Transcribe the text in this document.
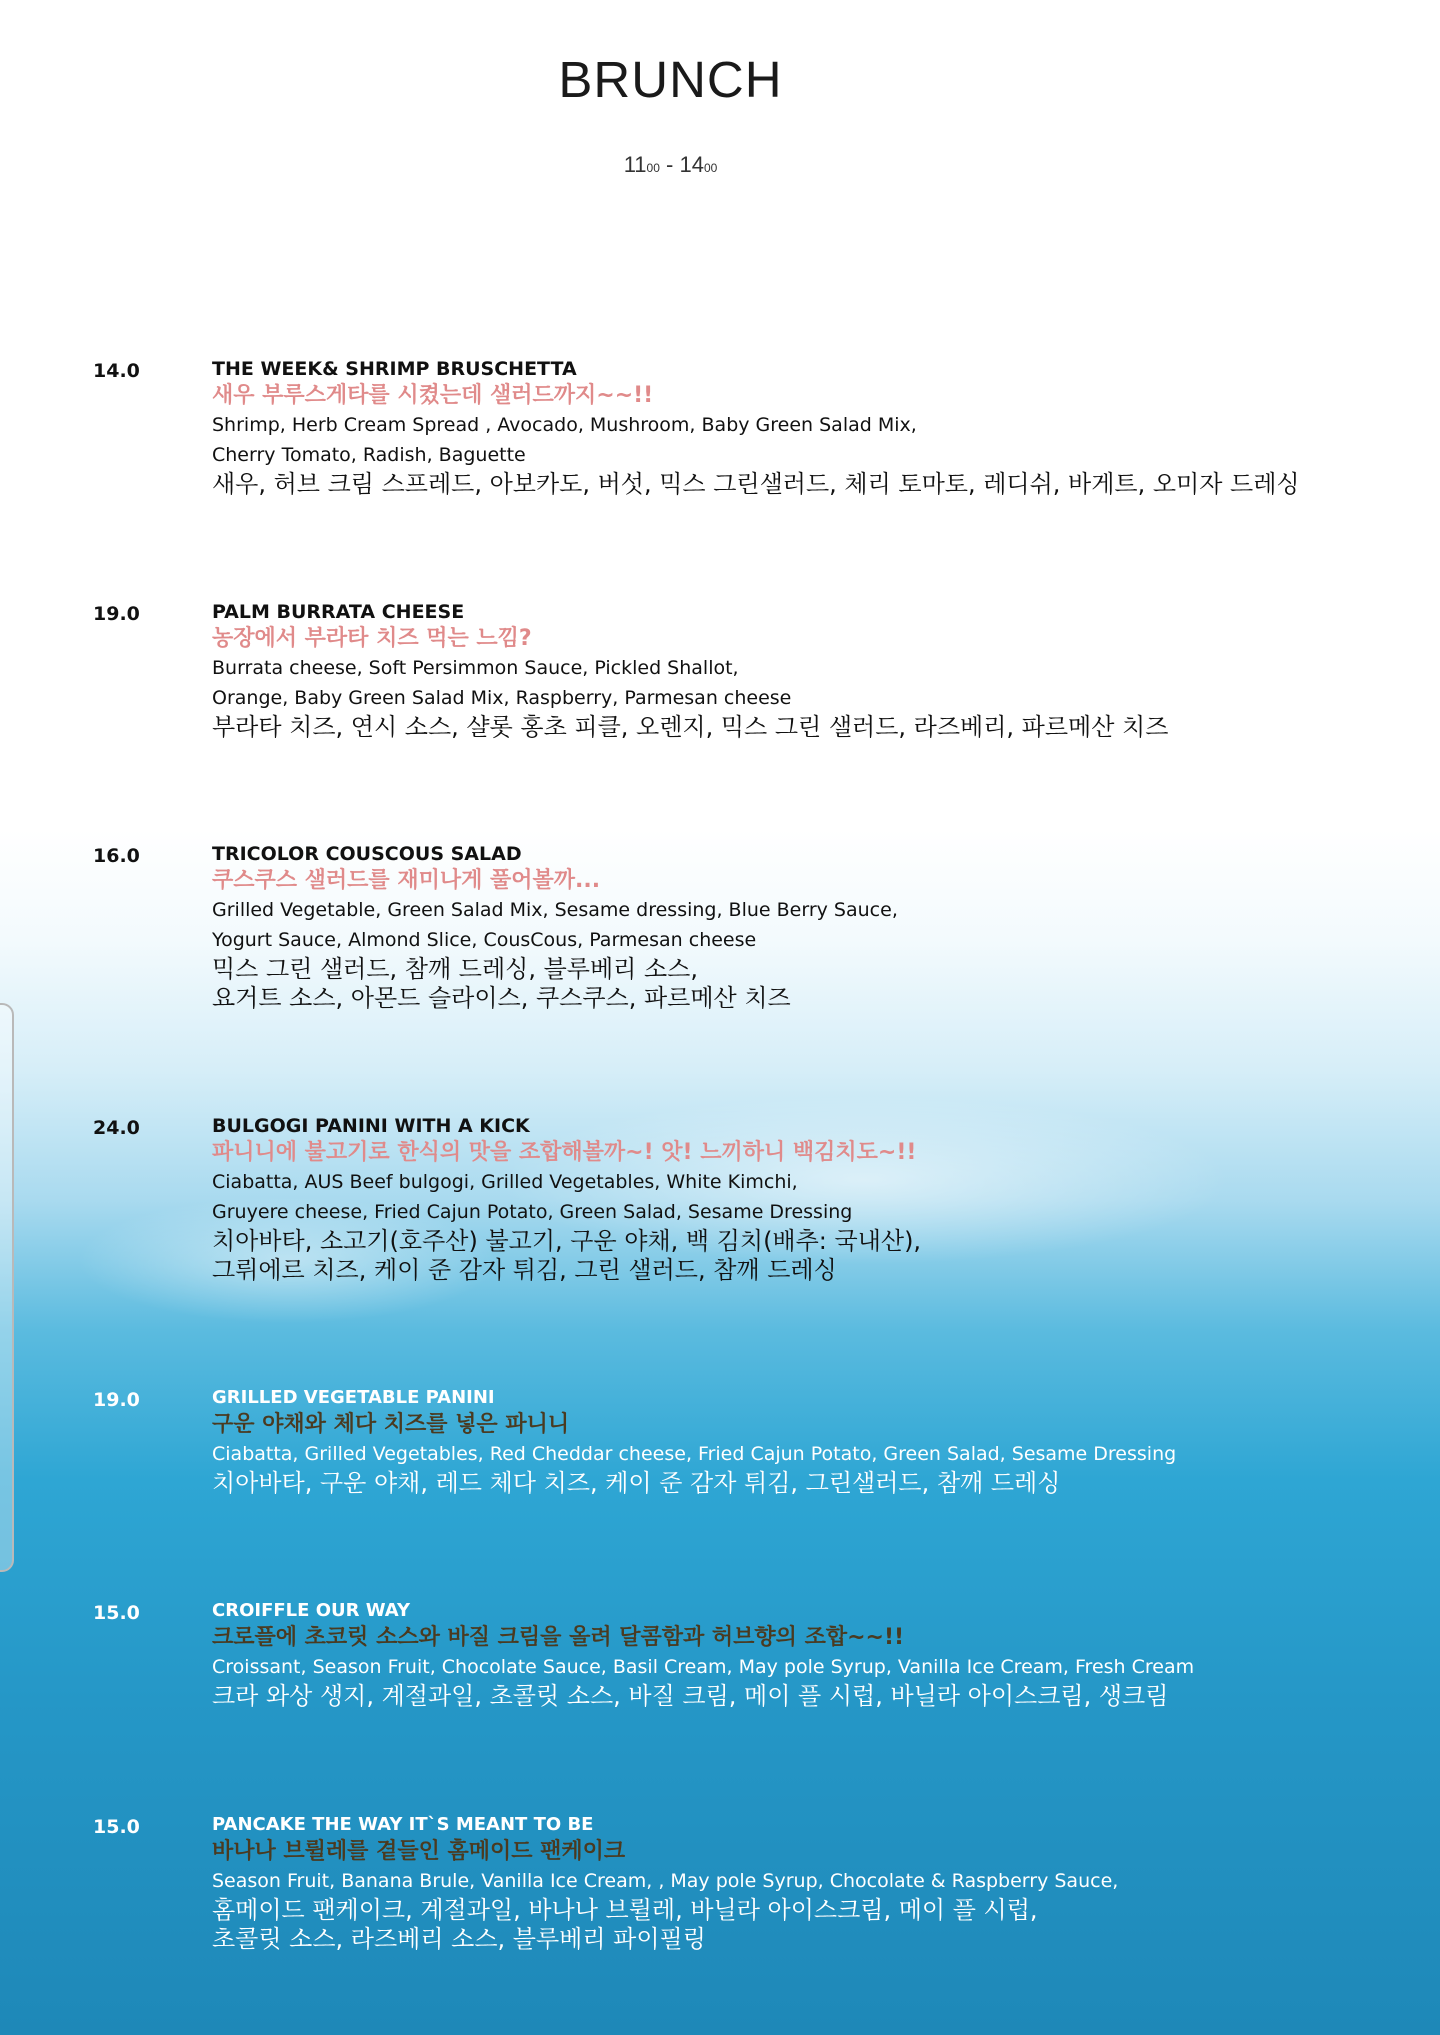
BRUNCH
1100 - 1400
14.0	THE WEEK& SHRIMP BRUSCHETTA
새우 부루스게타를 시켰는데 샐러드까지~~!!
Shrimp, Herb Cream Spread , Avocado, Mushroom, Baby Green Salad Mix,
Cherry Tomato, Radish, Baguette
새우, 허브 크림 스프레드, 아보카도, 버섯, 믹스 그린샐러드, 체리 토마토, 레디쉬, 바게트, 오미자 드레싱
19.0	PALM BURRATA CHEESE
농장에서 부라타 치즈 먹는 느낌?
Burrata cheese, Soft Persimmon Sauce, Pickled Shallot,
Orange, Baby Green Salad Mix, Raspberry, Parmesan cheese
부라타 치즈, 연시 소스, 샬롯 홍초 피클, 오렌지, 믹스 그린 샐러드, 라즈베리, 파르메산 치즈
16.0	TRICOLOR COUSCOUS SALAD
쿠스쿠스 샐러드를 재미나게 풀어볼까...
Grilled Vegetable, Green Salad Mix, Sesame dressing, Blue Berry Sauce,
Yogurt Sauce, Almond Slice, CousCous, Parmesan cheese
믹스 그린 샐러드, 참깨 드레싱, 블루베리 소스,
요거트 소스, 아몬드 슬라이스, 쿠스쿠스, 파르메산 치즈
24.0	BULGOGI PANINI WITH A KICK
파니니에 불고기로 한식의 맛을 조합해볼까~! 앗! 느끼하니 백김치도~!!
Ciabatta, AUS Beef bulgogi, Grilled Vegetables, White Kimchi,
Gruyere cheese, Fried Cajun Potato, Green Salad, Sesame Dressing
치아바타, 소고기(호주산) 불고기, 구운 야채, 백 김치(배추: 국내산),
그뤼에르 치즈, 케이 준 감자 튀김, 그린 샐러드, 참깨 드레싱
19.0	GRILLED VEGETABLE PANINI
구운 야채와 체다 치즈를 넣은 파니니
Ciabatta, Grilled Vegetables, Red Cheddar cheese, Fried Cajun Potato, Green Salad, Sesame Dressing
치아바타, 구운 야채, 레드 체다 치즈, 케이 준 감자 튀김, 그린샐러드, 참깨 드레싱
15.0	CROIFFLE OUR WAY
크로플에 초코릿 소스와 바질 크림을 올려 달콤함과 허브향의 조합~~!!
Croissant, Season Fruit, Chocolate Sauce, Basil Cream, May pole Syrup, Vanilla Ice Cream, Fresh Cream
크라 와상 생지, 계절과일, 초콜릿 소스, 바질 크림, 메이 플 시럽, 바닐라 아이스크림, 생크림
15.0	PANCAKE THE WAY IT`S MEANT TO BE
바나나 브륄레를 곁들인 홈메이드 팬케이크
Season Fruit, Banana Brule, Vanilla Ice Cream, , May pole Syrup, Chocolate & Raspberry Sauce,
홈메이드 팬케이크, 계절과일, 바나나 브륄레, 바닐라 아이스크림, 메이 플 시럽,
초콜릿 소스, 라즈베리 소스, 블루베리 파이필링
